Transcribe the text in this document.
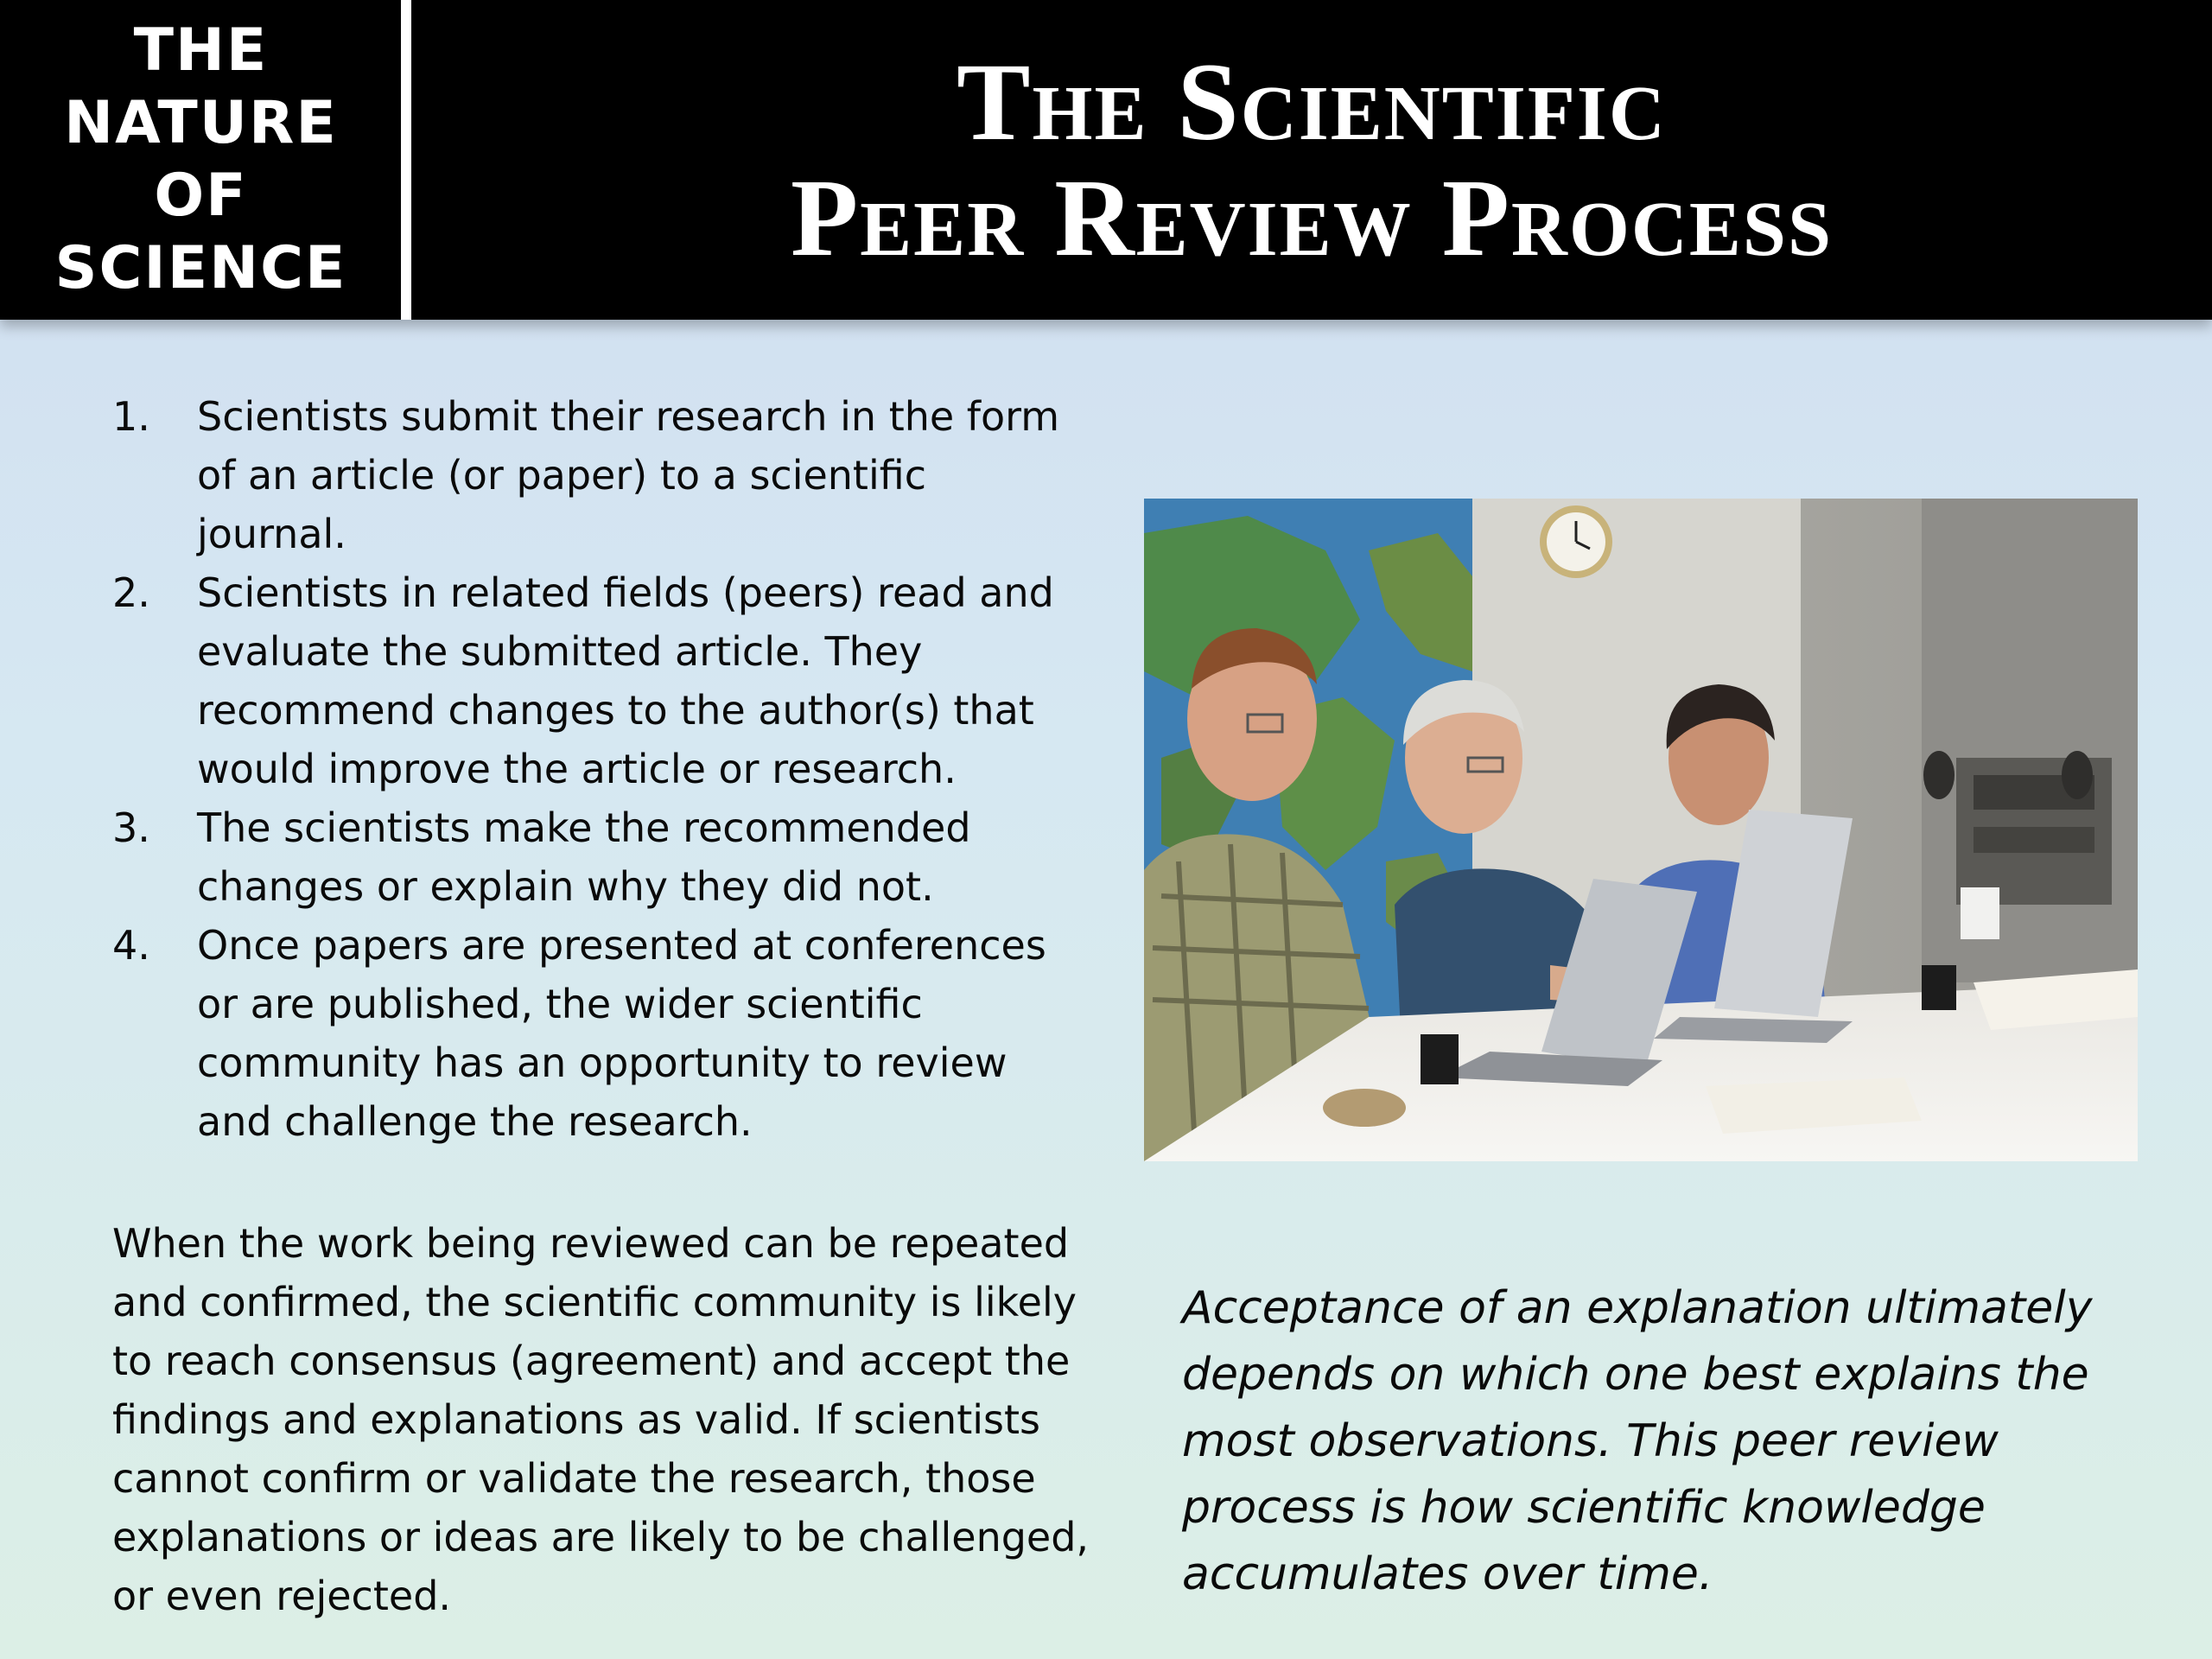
THE
NATURE
OF
SCIENCE
The Scientific
Peer Review Process
1.	Scientists submit their research in the form of an article (or paper) to a scientific journal.
2.	Scientists in related fields (peers) read and evaluate the submitted article. They recommend changes to the author(s) that would improve the article or research.
3.	The scientists make the recommended changes or explain why they did not.
4.	Once papers are presented at conferences or are published, the wider scientific community has an opportunity to review and challenge the research.

When the work being reviewed can be repeated and confirmed, the scientific community is likely to reach consensus (agreement) and accept the findings and explanations as valid. If scientists cannot confirm or validate the research, those explanations or ideas are likely to be challenged, or even rejected.

Acceptance of an explanation ultimately depends on which one best explains the most observations. This peer review process is how scientific knowledge accumulates over time.
